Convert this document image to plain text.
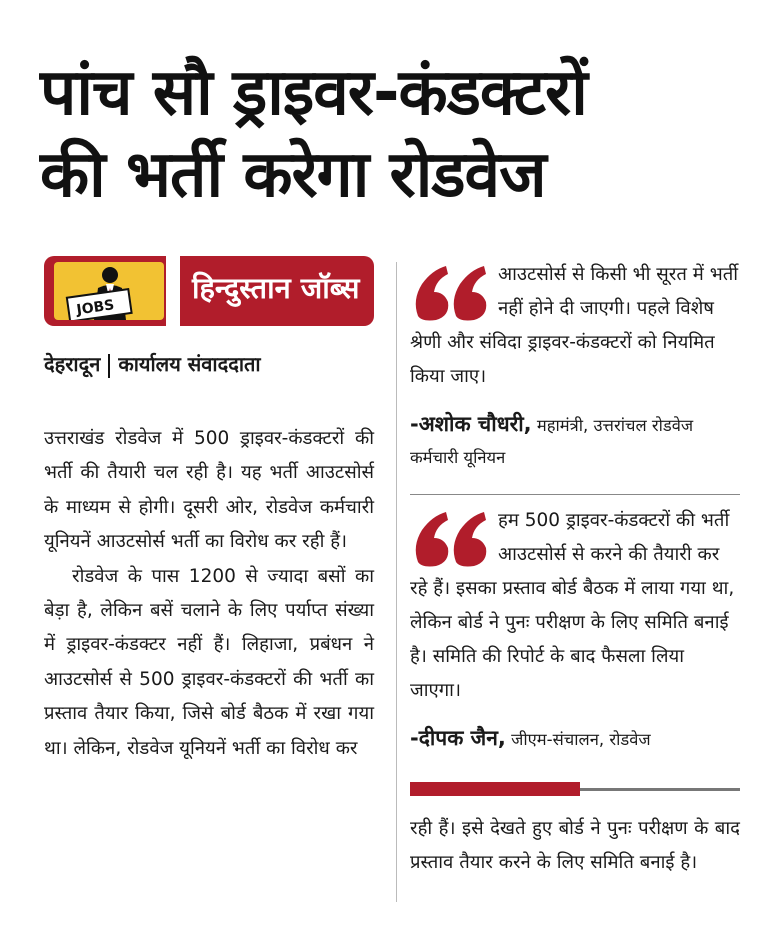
पांच सौ ड्राइवर-कंडक्टरों
की भर्ती करेगा रोडवेज
JOBS
हिन्दुस्तान जॉब्स
देहरादून कार्यालय संवाददाता

उत्तराखंड रोडवेज में 500 ड्राइवर-कंडक्टरों की भर्ती की तैयारी चल रही है। यह भर्ती आउटसोर्स के माध्यम से होगी। दूसरी ओर, रोडवेज कर्मचारी यूनियनें आउटसोर्स भर्ती का विरोध कर रही हैं।

रोडवेज के पास 1200 से ज्यादा बसों का बेड़ा है, लेकिन बसें चलाने के लिए पर्याप्त संख्या में ड्राइवर-कंडक्टर नहीं हैं। लिहाजा, प्रबंधन ने आउटसोर्स से 500 ड्राइवर-कंडक्टरों की भर्ती का प्रस्ताव तैयार किया, जिसे बोर्ड बैठक में रखा गया था। लेकिन, रोडवेज यूनियनें भर्ती का विरोध कर

आउटसोर्स से किसी भी सूरत में भर्ती नहीं होने दी जाएगी। पहले विशेष श्रेणी और संविदा ड्राइवर-कंडक्टरों को नियमित किया जाए।

-अशोक चौधरी, महामंत्री, उत्तरांचल रोडवेज कर्मचारी यूनियन

हम 500 ड्राइवर-कंडक्टरों की भर्ती आउटसोर्स से करने की तैयारी कर रहे हैं। इसका प्रस्ताव बोर्ड बैठक में लाया गया था, लेकिन बोर्ड ने पुनः परीक्षण के लिए समिति बनाई है। समिति की रिपोर्ट के बाद फैसला लिया जाएगा।

-दीपक जैन, जीएम-संचालन, रोडवेज

रही हैं। इसे देखते हुए बोर्ड ने पुनः परीक्षण के बाद प्रस्ताव तैयार करने के लिए समिति बनाई है।
